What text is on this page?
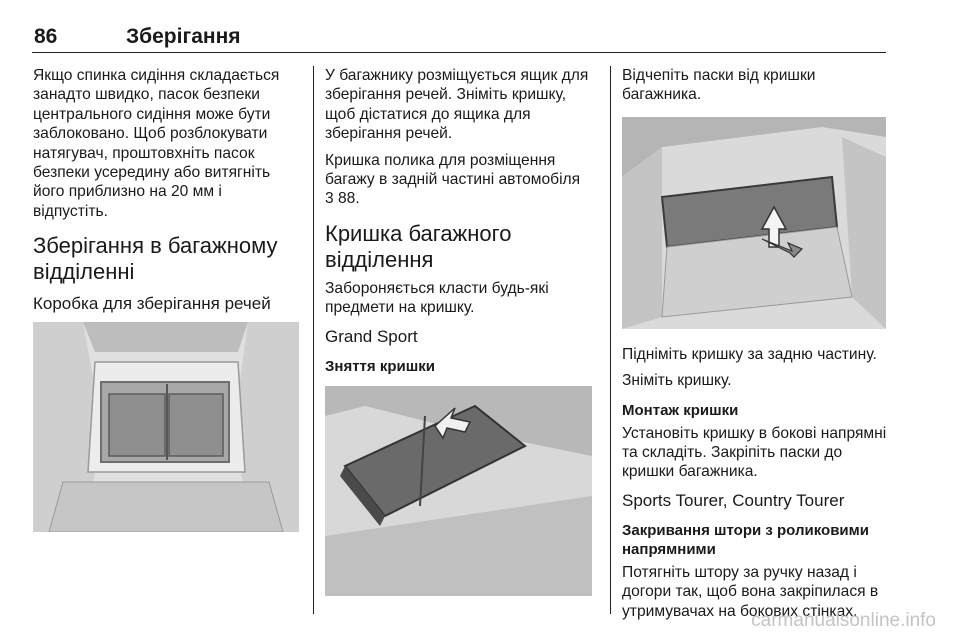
86	Зберігання

Якщо спинка сидіння складається занадто швидко, пасок безпеки центрального сидіння може бути заблоковано. Щоб розблокувати натягувач, проштовхніть пасок безпеки усередину або витягніть його приблизно на 20 мм і відпустіть.

Зберігання в багажному відділенні
Коробка для зберігання речей

У багажнику розміщується ящик для зберігання речей. Зніміть кришку, щоб дістатися до ящика для зберігання речей.

Кришка полика для розміщення багажу в задній частині автомобіля
3 88.

Кришка багажного відділення

Забороняється класти будь-які предмети на кришку.

Grand Sport
Зняття кришки

Відчепіть паски від кришки багажника.

Підніміть кришку за задню частину.

Зніміть кришку.

Монтаж кришки

Установіть кришку в бокові напрямні та складіть. Закріпіть паски до кришки багажника.

Sports Tourer, Country Tourer
Закривання штори з роликовими напрямними

Потягніть штору за ручку назад і догори так, щоб вона закріпилася в утримувачах на бокових стінках.

carmanualsonline.info
